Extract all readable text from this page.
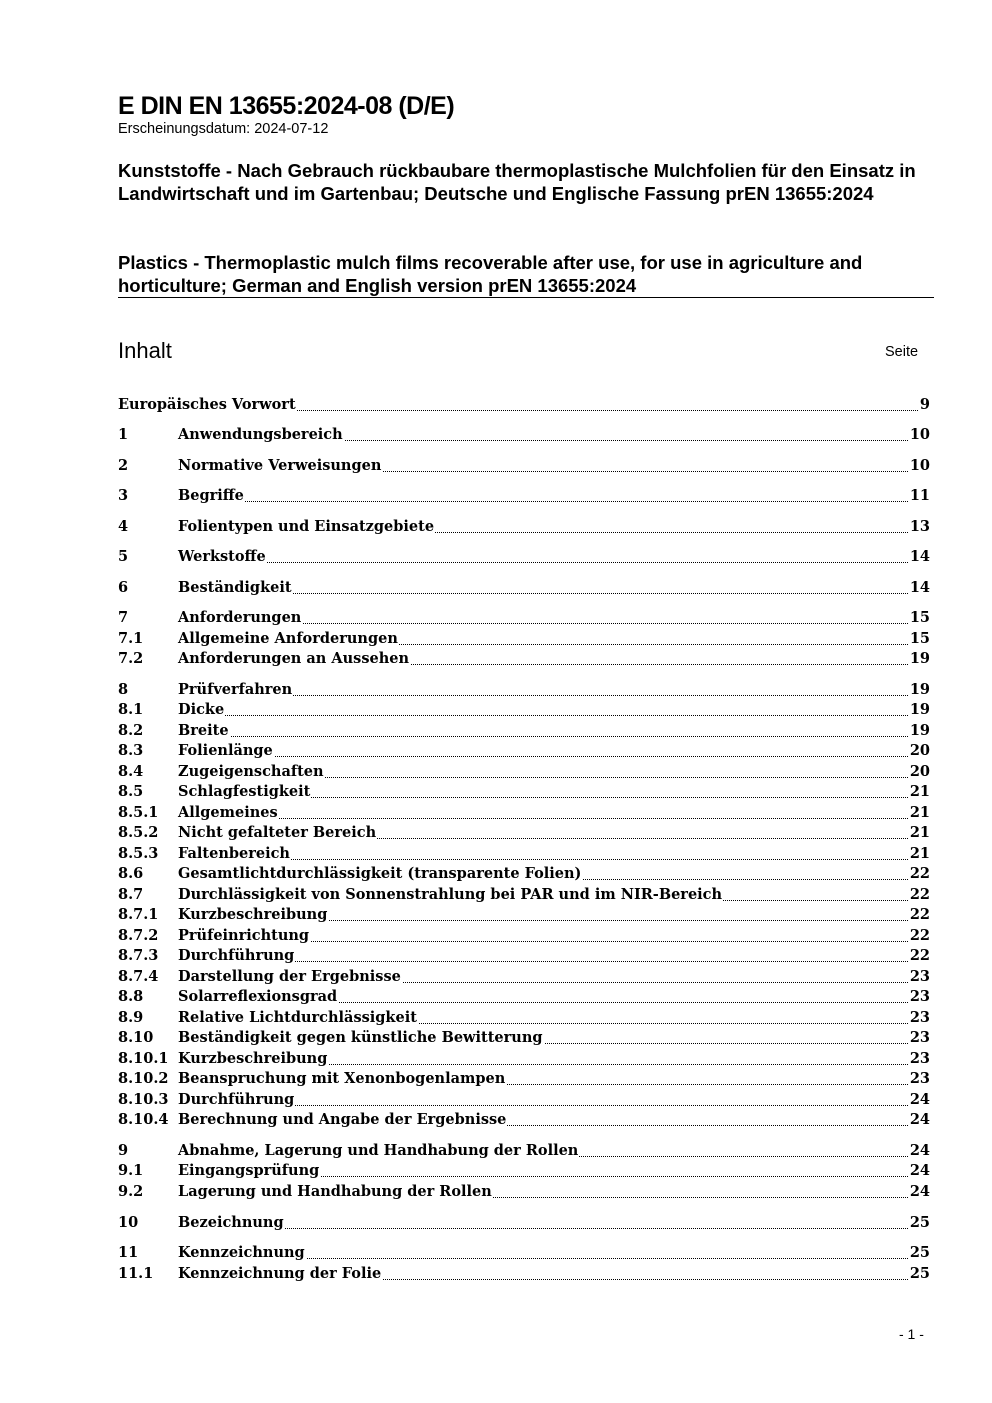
E DIN EN 13655:2024-08 (D/E)
Erscheinungsdatum: 2024-07-12
Kunststoffe - Nach Gebrauch rückbaubare thermoplastische Mulchfolien für den Einsatz in Landwirtschaft und im Gartenbau; Deutsche und Englische Fassung prEN 13655:2024
Plastics - Thermoplastic mulch films recoverable after use, for use in agriculture and horticulture; German and English version prEN 13655:2024
Inhalt	Seite
Europäisches Vorwort	9
1	Anwendungsbereich	10
2	Normative Verweisungen	10
3	Begriffe	11
4	Folientypen und Einsatzgebiete	13
5	Werkstoffe	14
6	Beständigkeit	14
7	Anforderungen	15
7.1 Allgemeine Anforderungen	15
7.2 Anforderungen an Aussehen	19
8	Prüfverfahren	19
8.1 Dicke	19
8.2 Breite	19
8.3 Folienlänge	20
8.4 Zugeigenschaften	20
8.5 Schlagfestigkeit	21
8.5.1 Allgemeines	21
8.5.2 Nicht gefalteter Bereich	21
8.5.3 Faltenbereich	21
8.6 Gesamtlichtdurchlässigkeit (transparente Folien)	22
8.7 Durchlässigkeit von Sonnenstrahlung bei PAR und im NIR-Bereich	22
8.7.1 Kurzbeschreibung	22
8.7.2 Prüfeinrichtung	22
8.7.3 Durchführung	22
8.7.4 Darstellung der Ergebnisse	23
8.8 Solarreflexionsgrad	23
8.9 Relative Lichtdurchlässigkeit	23
8.10 Beständigkeit gegen künstliche Bewitterung	23
8.10.1 Kurzbeschreibung	23
8.10.2 Beanspruchung mit Xenonbogenlampen	23
8.10.3 Durchführung	24
8.10.4 Berechnung und Angabe der Ergebnisse	24
9	Abnahme, Lagerung und Handhabung der Rollen	24
9.1 Eingangsprüfung	24
9.2 Lagerung und Handhabung der Rollen	24
10	Bezeichnung	25
11	Kennzeichnung	25
11.1 Kennzeichnung der Folie	25
- 1 -
